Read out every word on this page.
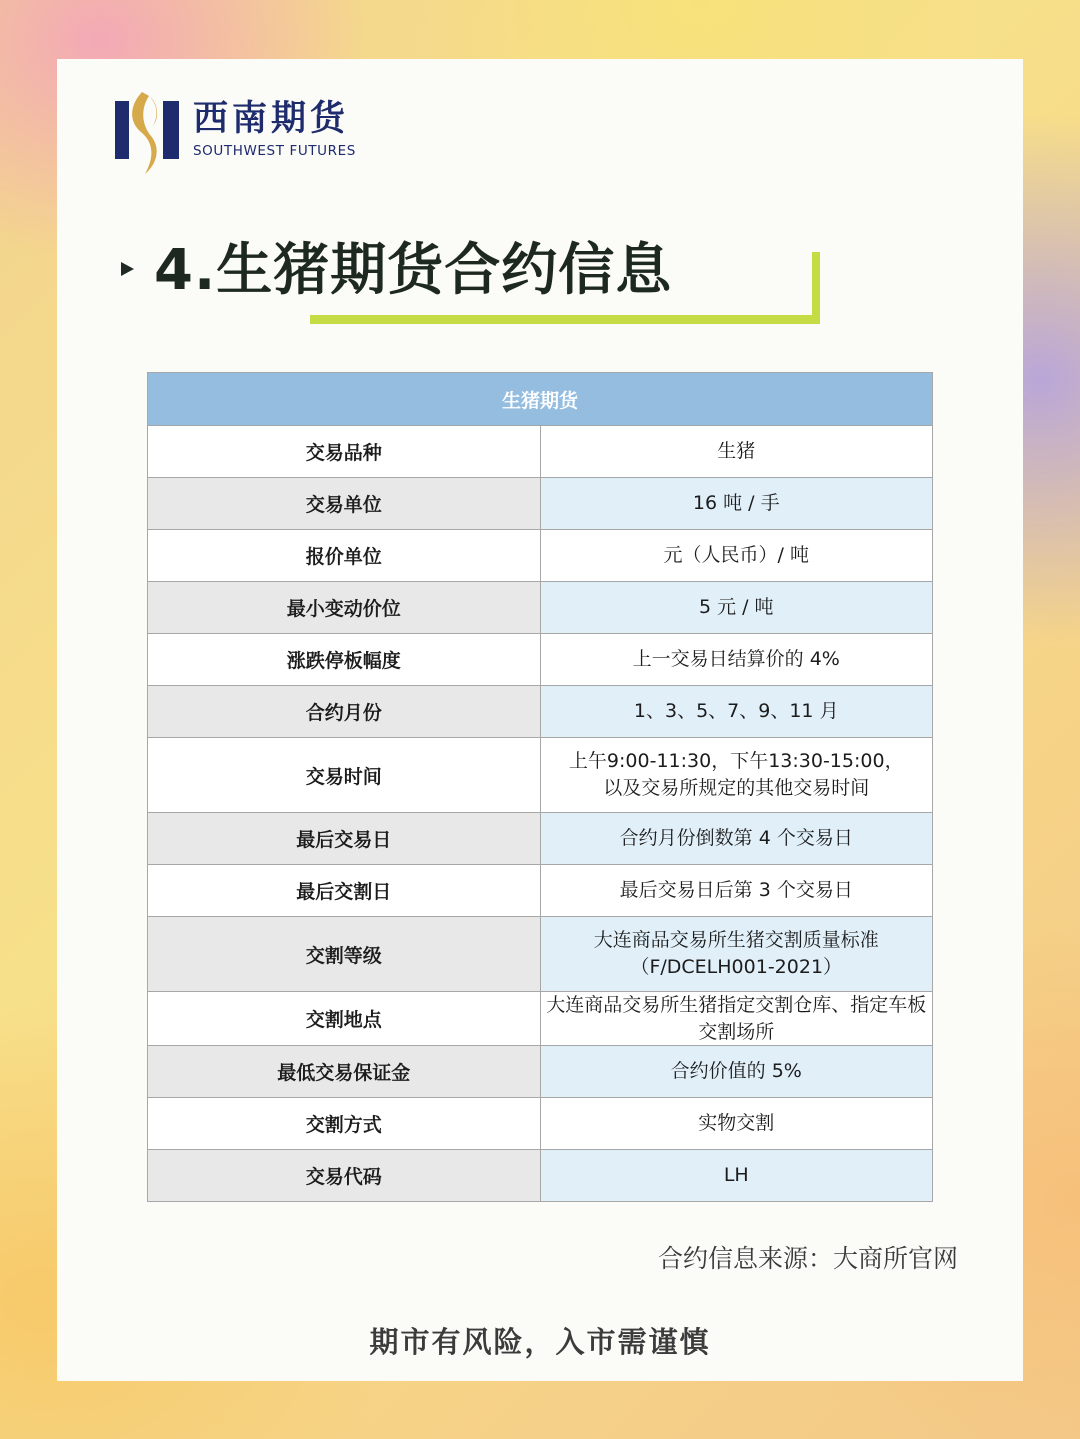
西南期货
SOUTHWEST FUTURES
4.生猪期货合约信息
生猪期货	
交易品种	生猪
交易单位	16 吨 / 手
报价单位	元（人民币）/ 吨
最小变动价位	5 元 / 吨
涨跌停板幅度	上一交易日结算价的 4%
合约月份	1、3、5、7、9、11 月
交易时间	上午9:00-11:30，下午13:30-15:00，
以及交易所规定的其他交易时间

最后交易日	合约月份倒数第 4 个交易日
最后交割日	最后交易日后第 3 个交易日
交割等级	大连商品交易所生猪交割质量标准（F/DCELH001-2021）
交割地点	大连商品交易所生猪指定交割仓库、指定车板交割场所
最低交易保证金	合约价值的 5%
交割方式	实物交割
交易代码	LH
合约信息来源：大商所官网
期市有风险，入市需谨慎
